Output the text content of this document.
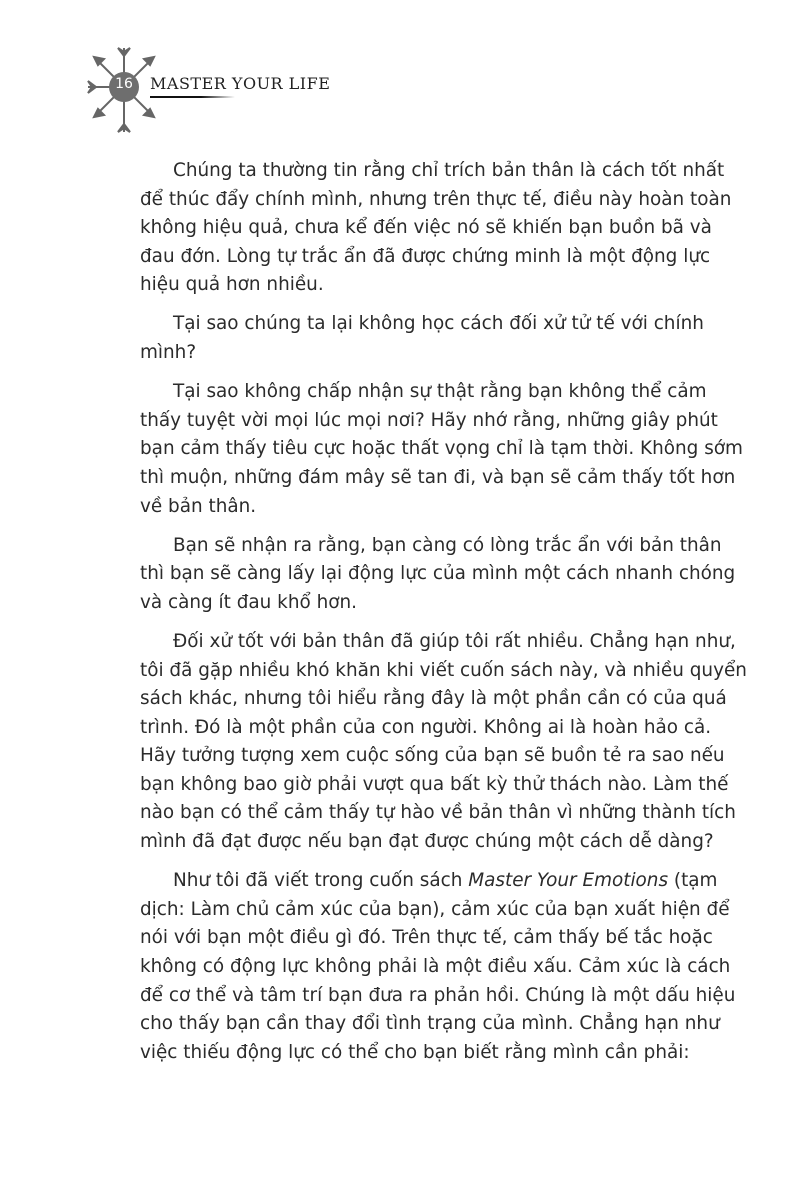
16	MASTER YOUR LIFE
Chúng ta thường tin rằng chỉ trích bản thân là cách tốt nhất
để thúc đẩy chính mình, nhưng trên thực tế, điều này hoàn toàn
không hiệu quả, chưa kể đến việc nó sẽ khiến bạn buồn bã và
đau đớn. Lòng tự trắc ẩn đã được chứng minh là một động lực
hiệu quả hơn nhiều.
Tại sao chúng ta lại không học cách đối xử tử tế với chính
mình?
Tại sao không chấp nhận sự thật rằng bạn không thể cảm
thấy tuyệt vời mọi lúc mọi nơi? Hãy nhớ rằng, những giây phút
bạn cảm thấy tiêu cực hoặc thất vọng chỉ là tạm thời. Không sớm
thì muộn, những đám mây sẽ tan đi, và bạn sẽ cảm thấy tốt hơn
về bản thân.
Bạn sẽ nhận ra rằng, bạn càng có lòng trắc ẩn với bản thân
thì bạn sẽ càng lấy lại động lực của mình một cách nhanh chóng
và càng ít đau khổ hơn.
Đối xử tốt với bản thân đã giúp tôi rất nhiều. Chẳng hạn như,
tôi đã gặp nhiều khó khăn khi viết cuốn sách này, và nhiều quyển
sách khác, nhưng tôi hiểu rằng đây là một phần cần có của quá
trình. Đó là một phần của con người. Không ai là hoàn hảo cả.
Hãy tưởng tượng xem cuộc sống của bạn sẽ buồn tẻ ra sao nếu
bạn không bao giờ phải vượt qua bất kỳ thử thách nào. Làm thế
nào bạn có thể cảm thấy tự hào về bản thân vì những thành tích
mình đã đạt được nếu bạn đạt được chúng một cách dễ dàng?
Như tôi đã viết trong cuốn sách Master Your Emotions (tạm
dịch: Làm chủ cảm xúc của bạn), cảm xúc của bạn xuất hiện để
nói với bạn một điều gì đó. Trên thực tế, cảm thấy bế tắc hoặc
không có động lực không phải là một điều xấu. Cảm xúc là cách
để cơ thể và tâm trí bạn đưa ra phản hồi. Chúng là một dấu hiệu
cho thấy bạn cần thay đổi tình trạng của mình. Chẳng hạn như
việc thiếu động lực có thể cho bạn biết rằng mình cần phải:
